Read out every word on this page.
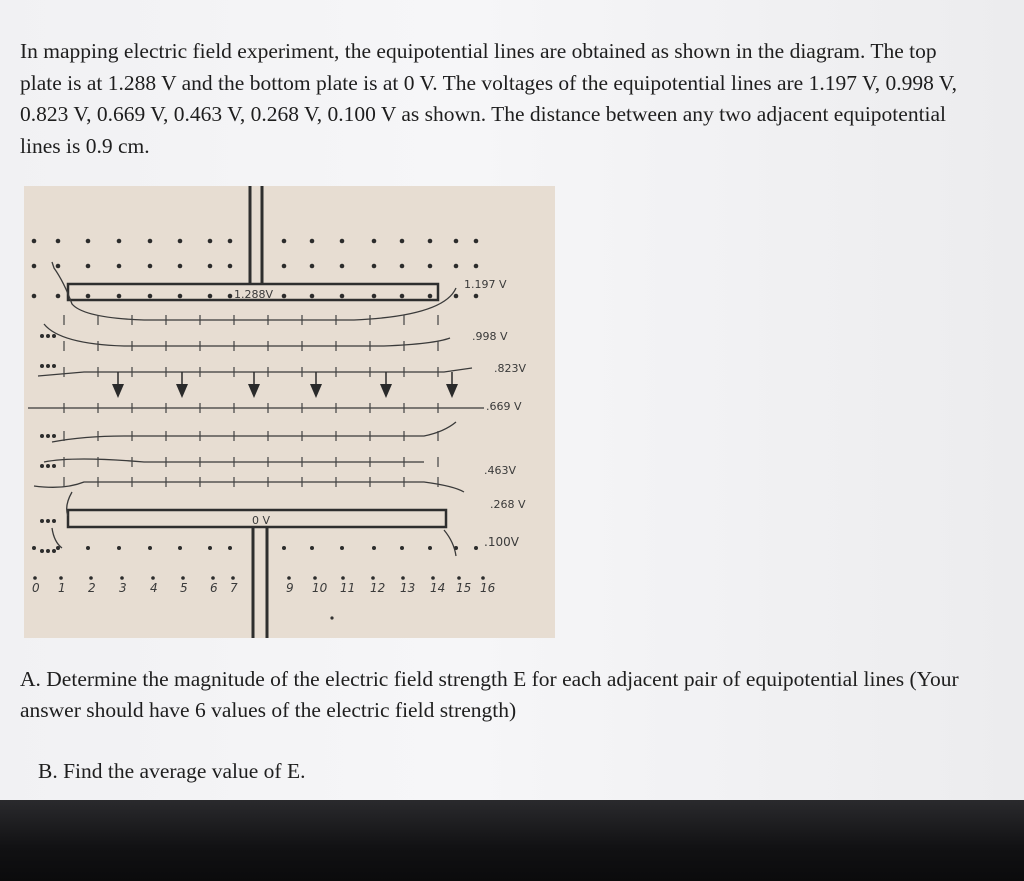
In mapping electric field experiment, the equipotential lines are obtained as shown in the diagram. The top plate is at 1.288 V and the bottom plate is at 0 V. The voltages of the equipotential lines are 1.197 V, 0.998 V, 0.823 V, 0.669 V, 0.463 V, 0.268 V, 0.100 V as shown. The distance between any two adjacent equipotential lines is 0.9 cm.

1.288V
0 V
1.197 V
.998 V
.823V
.669 V
.463V
.268 V
.100V
0 1 2 3 4 5 6 7	9 10 11 12 13 14 15 16

A. Determine the magnitude of the electric field strength E for each adjacent pair of equipotential lines (Your answer should have 6 values of the electric field strength)

B. Find the average value of E.
